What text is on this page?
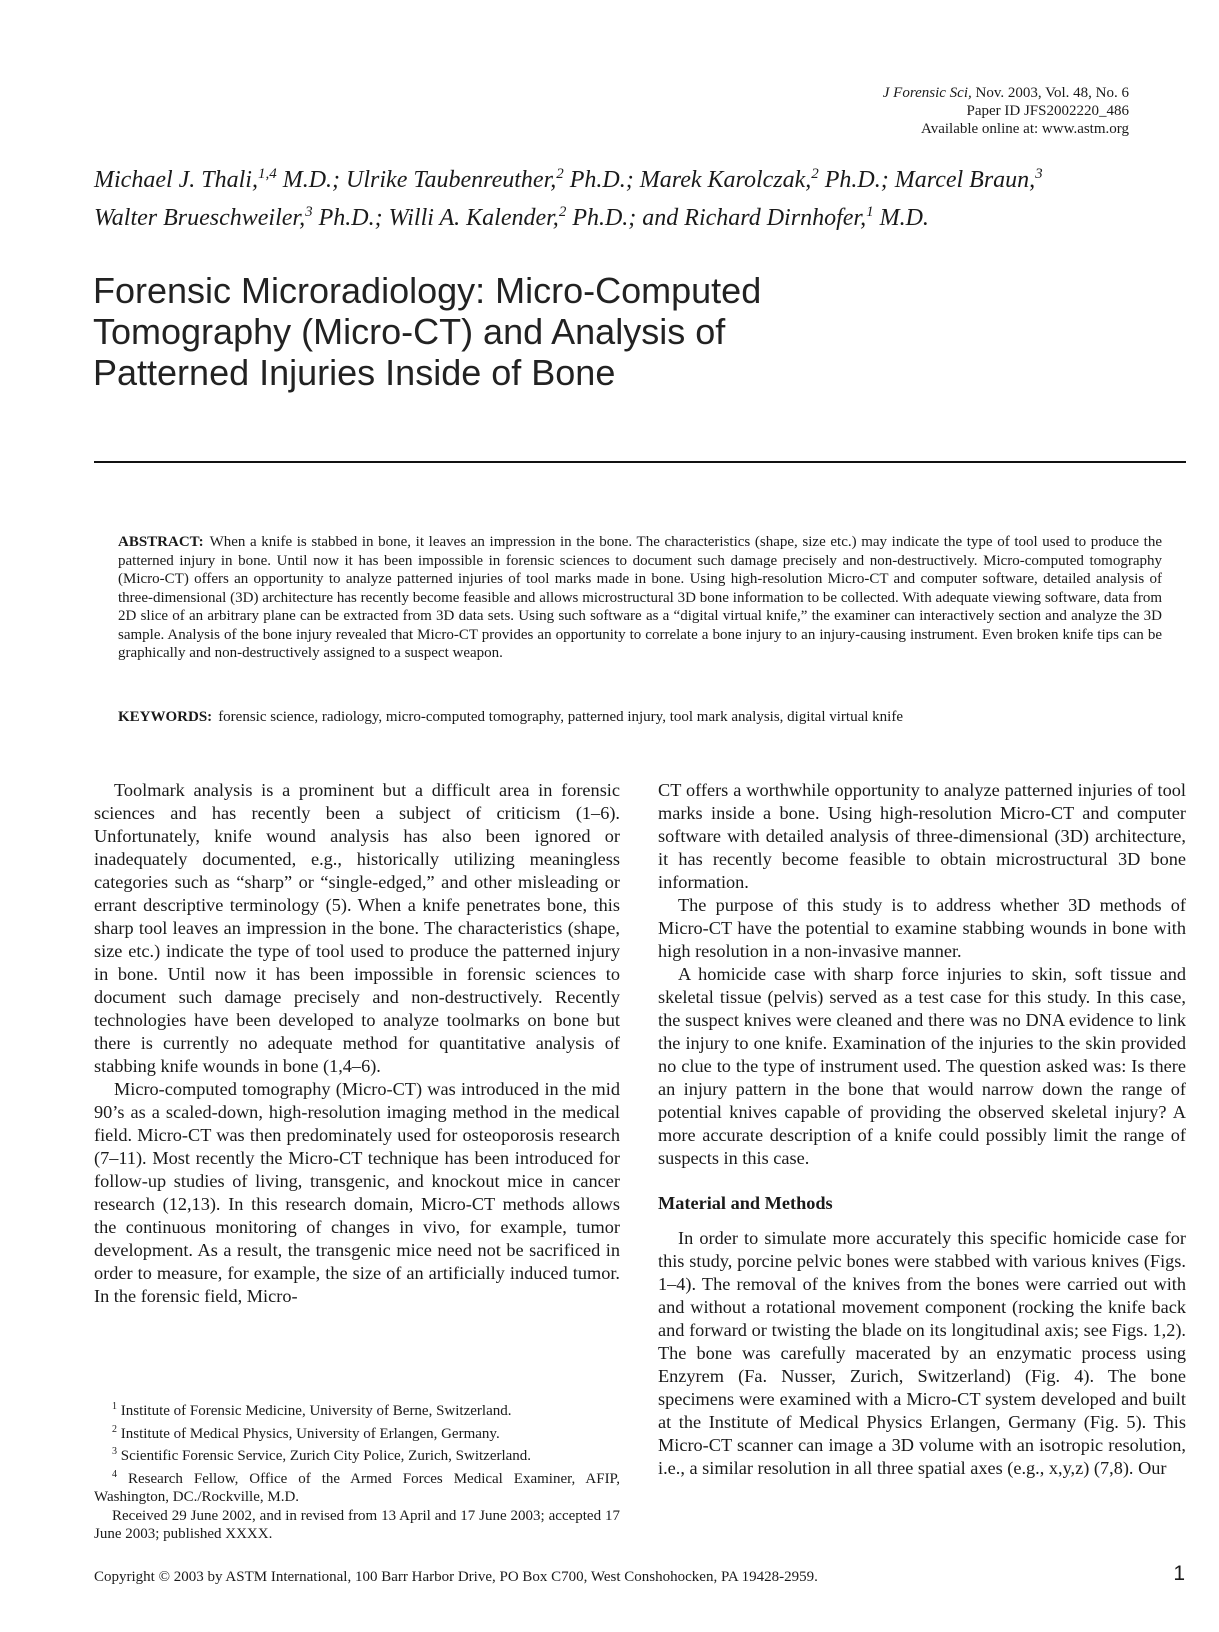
J Forensic Sci, Nov. 2003, Vol. 48, No. 6
Paper ID JFS2002220_486
Available online at: www.astm.org
Michael J. Thali,$^{1,4}$ M.D.; Ulrike Taubenreuther,$^2$ Ph.D.; Marek Karolczak,$^2$ Ph.D.; Marcel Braun,$^3$
Walter Brueschweiler,$^3$ Ph.D.; Willi A. Kalender,$^2$ Ph.D.; and Richard Dirnhofer,$^1$ M.D.
Forensic Microradiology: Micro-Computed
Tomography (Micro-CT) and Analysis of
Patterned Injuries Inside of Bone
ABSTRACT: When a knife is stabbed in bone, it leaves an impression in the bone. The characteristics (shape, size etc.) may indicate the type of tool used to produce the patterned injury in bone. Until now it has been impossible in forensic sciences to document such damage precisely and non-destructively. Micro-computed tomography (Micro-CT) offers an opportunity to analyze patterned injuries of tool marks made in bone. Using high-resolution Micro-CT and computer software, detailed analysis of three-dimensional (3D) architecture has recently become feasible and allows microstructural 3D bone information to be collected. With adequate viewing software, data from 2D slice of an arbitrary plane can be extracted from 3D data sets. Using such software as a “digital virtual knife,” the examiner can interactively section and analyze the 3D sample. Analysis of the bone injury revealed that Micro-CT provides an opportunity to correlate a bone injury to an injury-causing instrument. Even broken knife tips can be graphically and non-destructively assigned to a suspect weapon.
KEYWORDS: forensic science, radiology, micro-computed tomography, patterned injury, tool mark analysis, digital virtual knife

Toolmark analysis is a prominent but a difficult area in forensic sciences and has recently been a subject of criticism (1–6). Unfortunately, knife wound analysis has also been ignored or inadequately documented, e.g., historically utilizing meaningless categories such as “sharp” or “single-edged,” and other misleading or errant descriptive terminology (5). When a knife penetrates bone, this sharp tool leaves an impression in the bone. The characteristics (shape, size etc.) indicate the type of tool used to produce the patterned injury in bone. Until now it has been impossible in forensic sciences to document such damage precisely and non-destructively. Recently technologies have been developed to analyze toolmarks on bone but there is currently no adequate method for quantitative analysis of stabbing knife wounds in bone (1,4–6).

Micro-computed tomography (Micro-CT) was introduced in the mid 90’s as a scaled-down, high-resolution imaging method in the medical field. Micro-CT was then predominately used for osteoporosis research (7–11). Most recently the Micro-CT technique has been introduced for follow-up studies of living, transgenic, and knockout mice in cancer research (12,13). In this research domain, Micro-CT methods allows the continuous monitoring of changes in vivo, for example, tumor development. As a result, the transgenic mice need not be sacrificed in order to measure, for example, the size of an artificially induced tumor. In the forensic field, Micro-

CT offers a worthwhile opportunity to analyze patterned injuries of tool marks inside a bone. Using high-resolution Micro-CT and computer software with detailed analysis of three-dimensional (3D) architecture, it has recently become feasible to obtain microstructural 3D bone information.

The purpose of this study is to address whether 3D methods of Micro-CT have the potential to examine stabbing wounds in bone with high resolution in a non-invasive manner.

A homicide case with sharp force injuries to skin, soft tissue and skeletal tissue (pelvis) served as a test case for this study. In this case, the suspect knives were cleaned and there was no DNA evidence to link the injury to one knife. Examination of the injuries to the skin provided no clue to the type of instrument used. The question asked was: Is there an injury pattern in the bone that would narrow down the range of potential knives capable of providing the observed skeletal injury? A more accurate description of a knife could possibly limit the range of suspects in this case.

Material and Methods

In order to simulate more accurately this specific homicide case for this study, porcine pelvic bones were stabbed with various knives (Figs. 1–4). The removal of the knives from the bones were carried out with and without a rotational movement component (rocking the knife back and forward or twisting the blade on its longitudinal axis; see Figs. 1,2). The bone was carefully macerated by an enzymatic process using Enzyrem (Fa. Nusser, Zurich, Switzerland) (Fig. 4). The bone specimens were examined with a Micro-CT system developed and built at the Institute of Medical Physics Erlangen, Germany (Fig. 5). This Micro-CT scanner can image a 3D volume with an isotropic resolution, i.e., a similar resolution in all three spatial axes (e.g., x,y,z) (7,8). Our

$^1$ Institute of Forensic Medicine, University of Berne, Switzerland.

$^2$ Institute of Medical Physics, University of Erlangen, Germany.

$^3$ Scientific Forensic Service, Zurich City Police, Zurich, Switzerland.

$^4$ Research Fellow, Office of the Armed Forces Medical Examiner, AFIP, Washington, DC./Rockville, M.D.

Received 29 June 2002, and in revised from 13 April and 17 June 2003; accepted 17 June 2003; published XXXX.

Copyright © 2003 by ASTM International, 100 Barr Harbor Drive, PO Box C700, West Conshohocken, PA 19428-2959.	1
